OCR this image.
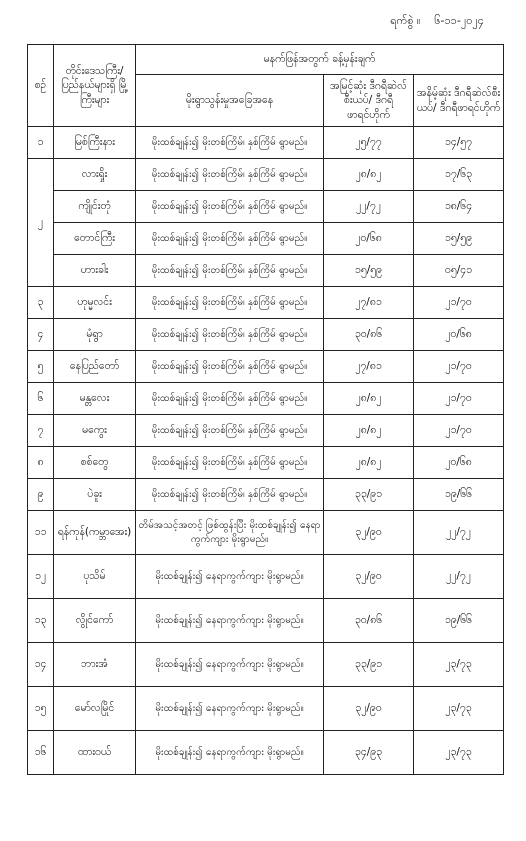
ရက်စွဲ ။ ၆-၁၁-၂၀၂၄
စဉ်	တိုင်းဒေသကြီး/ ပြည်နယ်များရှိ မြို့ကြီးများ	မနက်ဖြန်အတွက် ခန့်မှန်းချက်		
		မိုးရွာသွန်းမှုအခြေအနေ	အမြင့်ဆုံး ဒီဂရီဆဲလ်စီးယပ်/ ဒီဂရီဖာရင်ဟိုက်	အနိမ့်ဆုံး ဒီဂရီဆဲလ်စီးယပ်/ ဒီဂရီဖာရင်ဟိုက်
၁	မြစ်ကြီးနား	မိုးထစ်ချုန်း၍ မိုးတစ်ကြိမ်၊ နှစ်ကြိမ် ရွာမည်။	၂၅/၇၇	၁၄/၅၇
၂	လားရှိုး	မိုးထစ်ချုန်း၍ မိုးတစ်ကြိမ်၊ နှစ်ကြိမ် ရွာမည်။	၂၈/၈၂	၁၇/၆၃
	ကျိုင်းတုံ	မိုးထစ်ချုန်း၍ မိုးတစ်ကြိမ်၊ နှစ်ကြိမ် ရွာမည်။	၂၂/၇၂	၁၈/၆၄
	တောင်ကြီး	မိုးထစ်ချုန်း၍ မိုးတစ်ကြိမ်၊ နှစ်ကြိမ် ရွာမည်။	၂၀/၆၈	၁၅/၅၉
	ဟားခါး	မိုးထစ်ချုန်း၍ မိုးတစ်ကြိမ်၊ နှစ်ကြိမ် ရွာမည်။	၁၅/၅၉	၀၅/၄၁
၃	ဟုမ္မလင်း	မိုးထစ်ချုန်း၍ မိုးတစ်ကြိမ်၊ နှစ်ကြိမ် ရွာမည်။	၂၇/၈၁	၂၁/၇၀
၄	မုံရွာ	မိုးထစ်ချုန်း၍ မိုးတစ်ကြိမ်၊ နှစ်ကြိမ် ရွာမည်။	၃၀/၈၆	၂၀/၆၈
၅	နေပြည်တော်	မိုးထစ်ချုန်း၍ မိုးတစ်ကြိမ်၊ နှစ်ကြိမ် ရွာမည်။	၂၇/၈၁	၂၁/၇၀
၆	မန္တလေး	မိုးထစ်ချုန်း၍ မိုးတစ်ကြိမ်၊ နှစ်ကြိမ် ရွာမည်။	၂၈/၈၂	၂၁/၇၀
၇	မကွေး	မိုးထစ်ချုန်း၍ မိုးတစ်ကြိမ်၊ နှစ်ကြိမ် ရွာမည်။	၂၈/၈၂	၂၁/၇၀
၈	စစ်တွေ	မိုးထစ်ချုန်း၍ မိုးတစ်ကြိမ်၊ နှစ်ကြိမ် ရွာမည်။	၂၈/၈၂	၂၀/၆၈
၉	ပဲခူး	မိုးထစ်ချုန်း၍ မိုးတစ်ကြိမ်၊ နှစ်ကြိမ် ရွာမည်။	၃၃/၉၁	၁၉/၆၆
၁၁	ရန်ကုန်(ကမ္ဘာအေး)	တိမ်အသင့်အတင့် ဖြစ်ထွန်းပြီး မိုးထစ်ချုန်း၍ နေရာကွက်ကျား မိုးရွာမည်။	၃၂/၉၀	၂၂/၇၂
၁၂	ပုသိမ်	မိုးထစ်ချုန်း၍ နေရာကွက်ကျား မိုးရွာမည်။	၃၂/၉၀	၂၂/၇၂
၁၃	လွိုင်ကော်	မိုးထစ်ချုန်း၍ နေရာကွက်ကျား မိုးရွာမည်။	၃၀/၈၆	၁၉/၆၆
၁၄	ဘားအံ	မိုးထစ်ချုန်း၍ နေရာကွက်ကျား မိုးရွာမည်။	၃၃/၉၁	၂၃/၇၃
၁၅	မော်လမြိုင်	မိုးထစ်ချုန်း၍ နေရာကွက်ကျား မိုးရွာမည်။	၃၂/၉၀	၂၃/၇၃
၁၆	ထားဝယ်	မိုးထစ်ချုန်း၍ နေရာကွက်ကျား မိုးရွာမည်။	၃၄/၉၃	၂၃/၇၃
